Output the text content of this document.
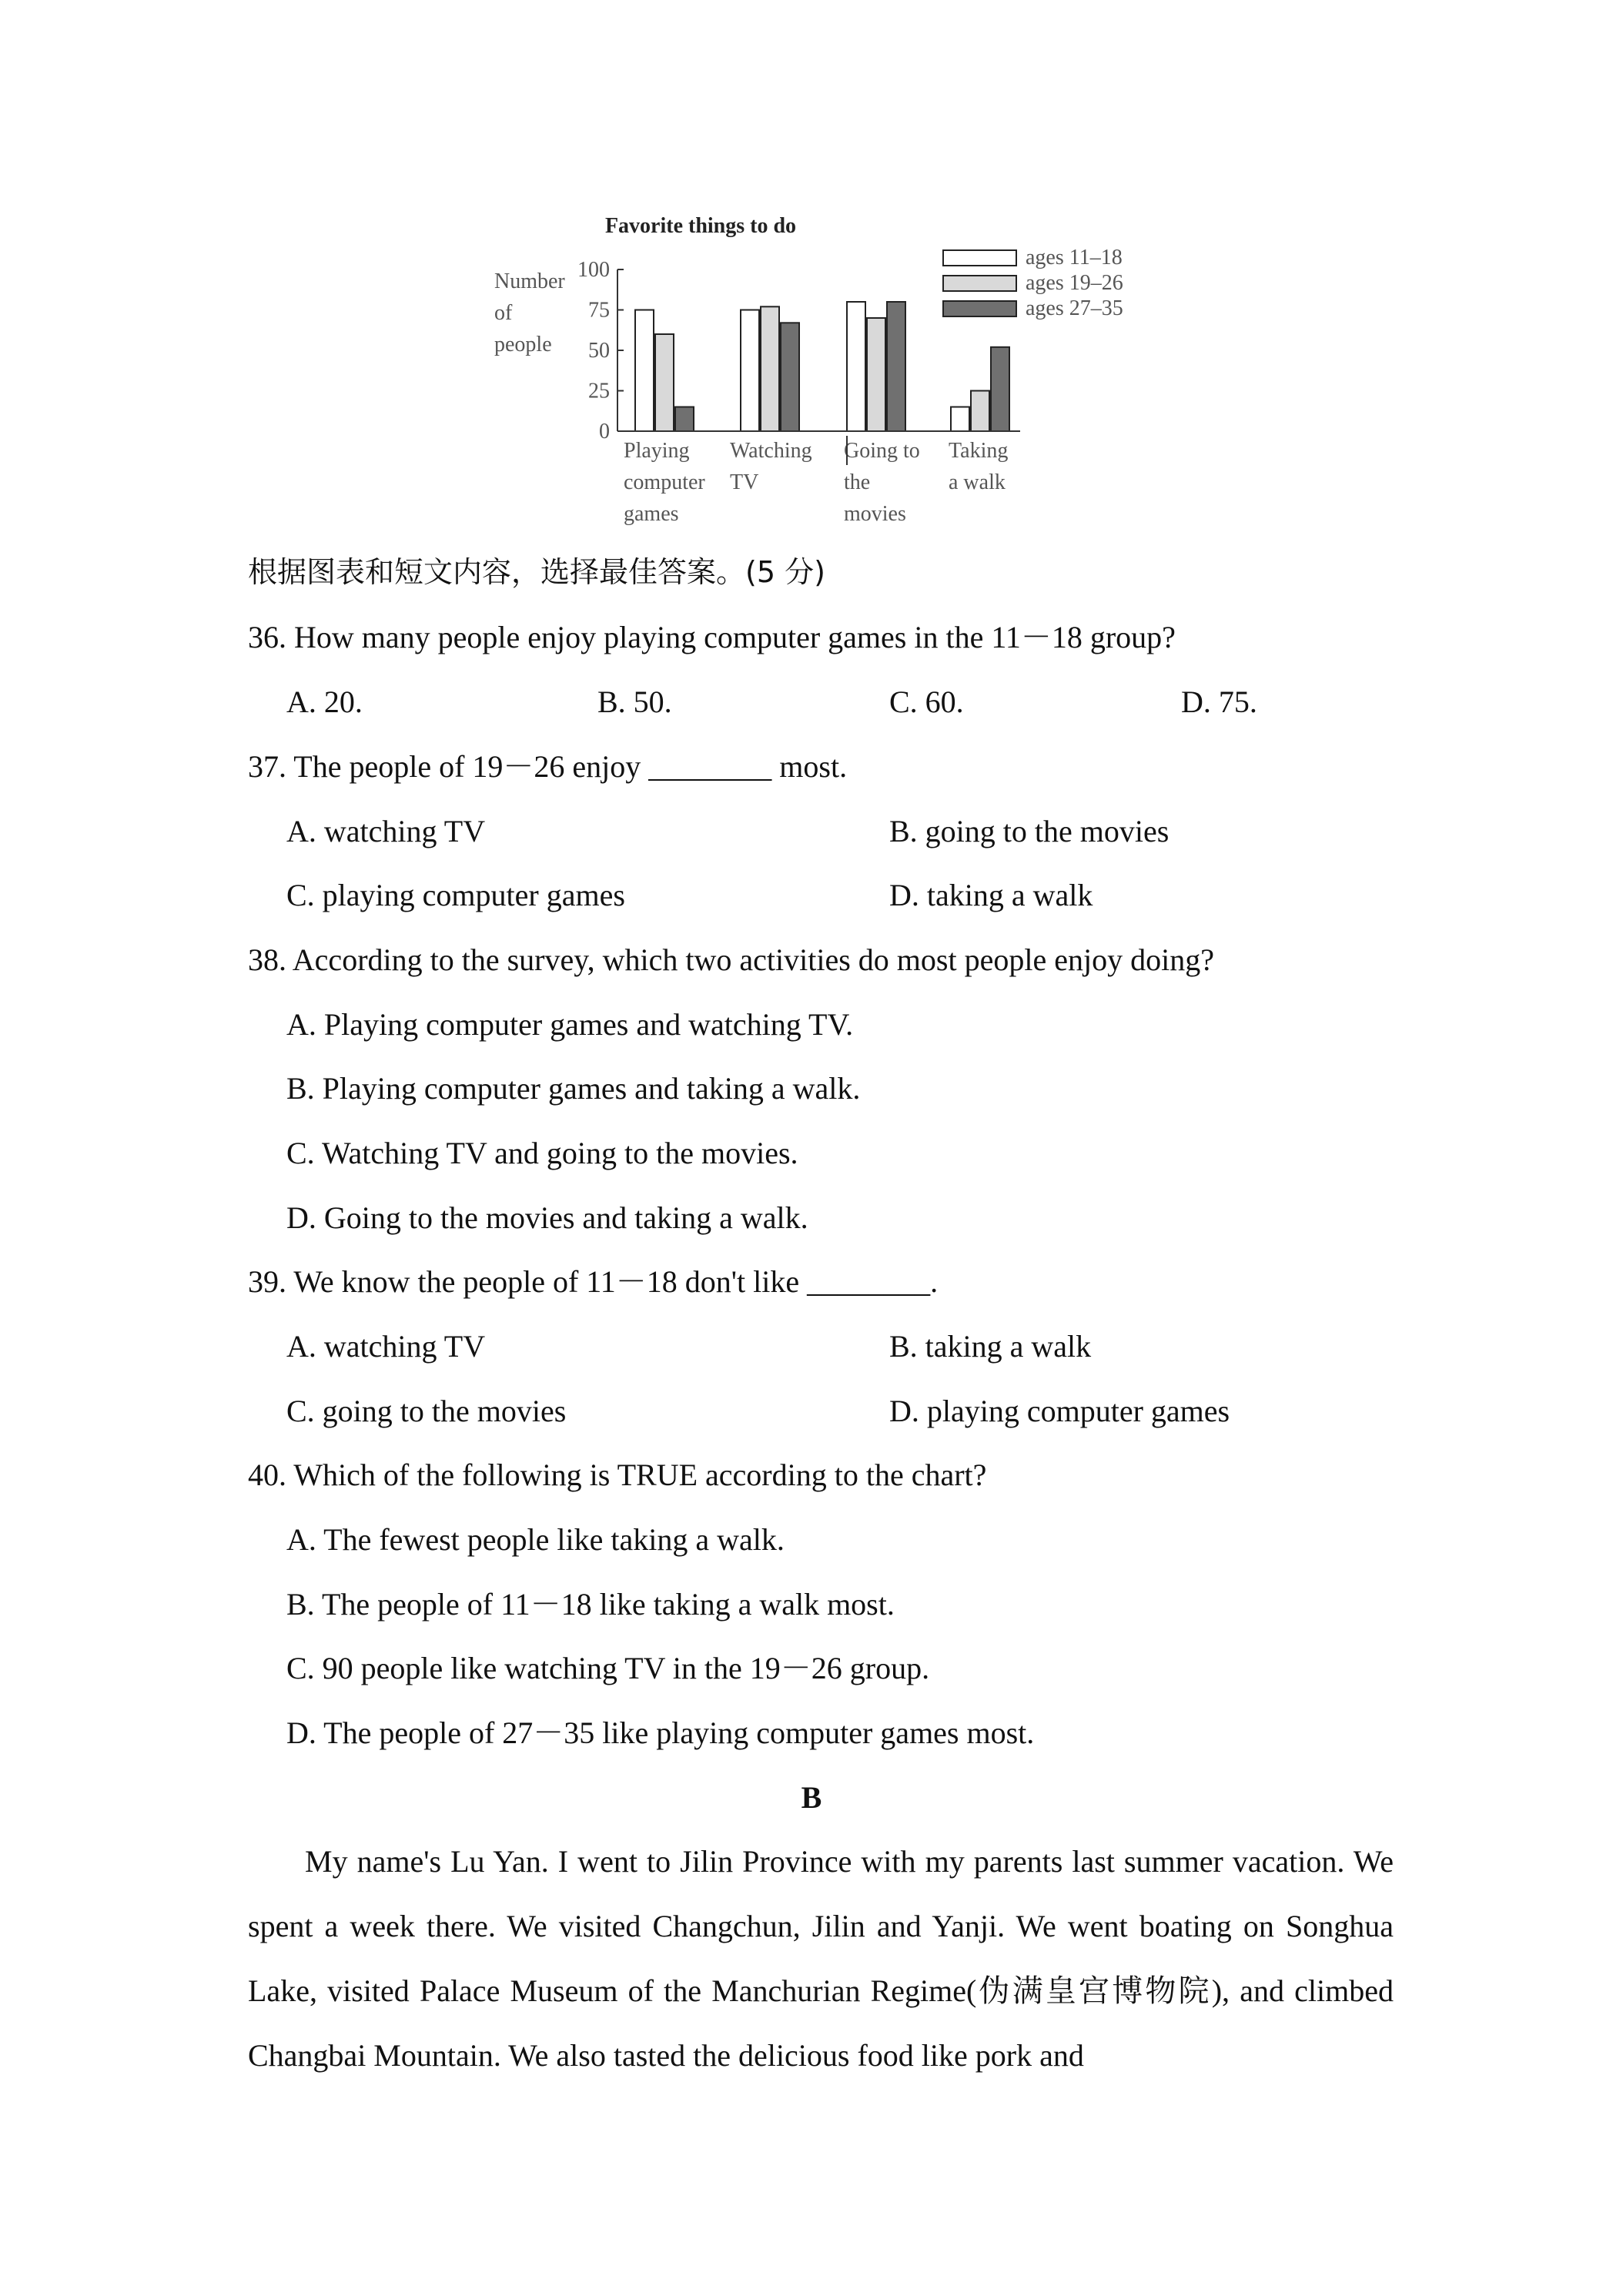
Favorite things to do
Number
of
people
0
25
50
75
100
Playing
computer
games
Watching
TV
Going to
the
movies
Taking
a walk
ages 11–18
ages 19–26
ages 27–35
根据图表和短文内容，选择最佳答案。(5 分)
36. How many people enjoy playing computer games in the 11－18 group?
A. 20.	B. 50.	C. 60.	D. 75.
37. The people of 19－26 enjoy ________ most.
A. watching TV	B. going to the movies
C. playing computer games	D. taking a walk
38. According to the survey, which two activities do most people enjoy doing?
A. Playing computer games and watching TV.
B. Playing computer games and taking a walk.
C. Watching TV and going to the movies.
D. Going to the movies and taking a walk.
39. We know the people of 11－18 don't like ________.
A. watching TV	B. taking a walk
C. going to the movies	D. playing computer games
40. Which of the following is TRUE according to the chart?
A. The fewest people like taking a walk.
B. The people of 11－18 like taking a walk most.
C. 90 people like watching TV in the 19－26 group.
D. The people of 27－35 like playing computer games most.
B
My name's Lu Yan. I went to Jilin Province with my parents last summer vacation. We spent a week there. We visited Changchun, Jilin and Yanji. We went boating on Songhua Lake, visited Palace Museum of the Manchurian Regime(伪满皇宫博物院), and climbed Changbai Mountain. We also tasted the delicious food like pork and
